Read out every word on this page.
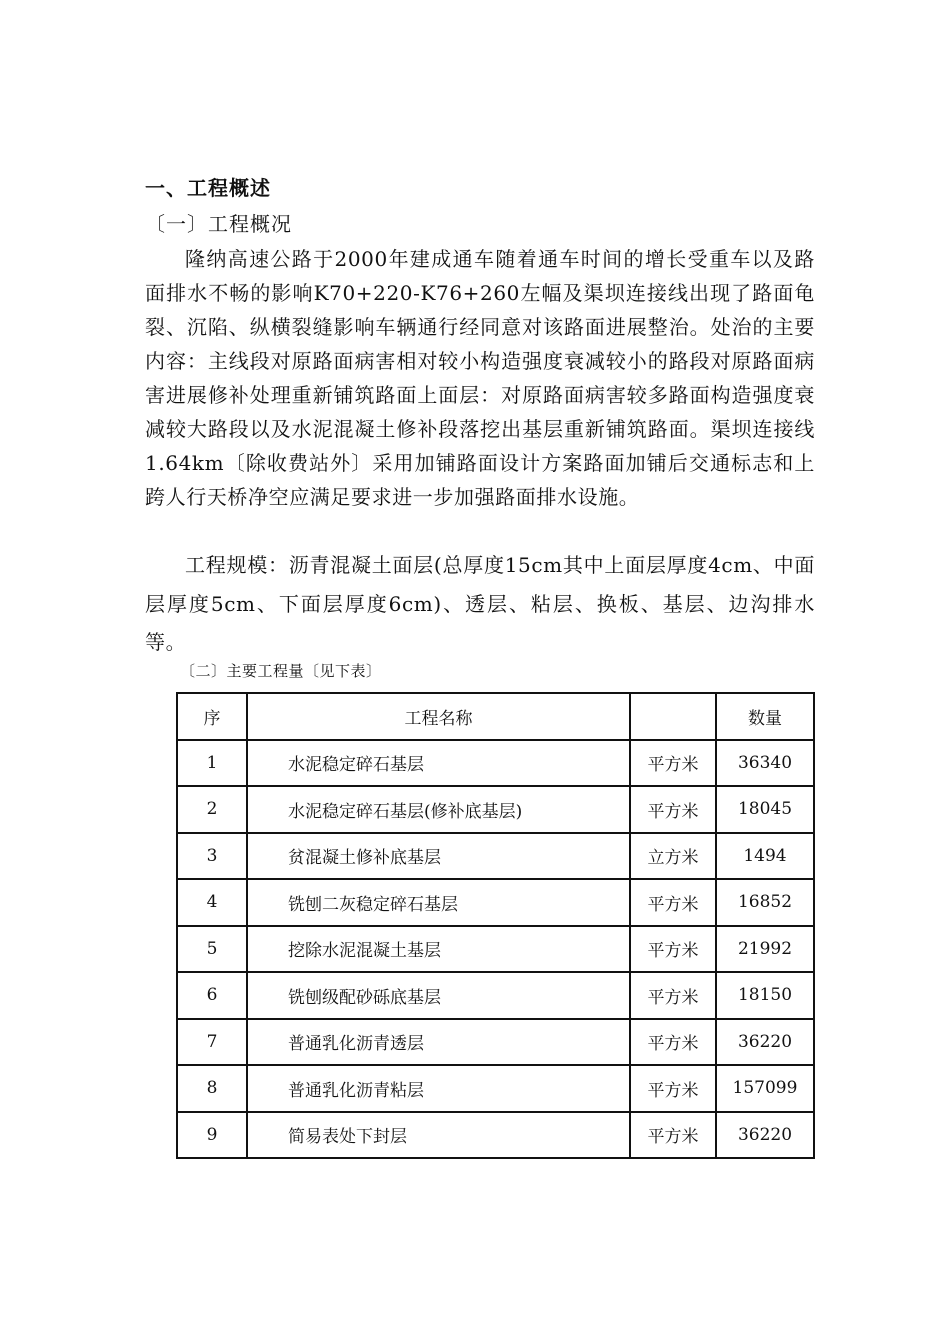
一、工程概述
〔一〕工程概况

隆纳高速公路于2000年建成通车随着通车时间的增长受重车以及路面排水不畅的影响K70+220-K76+260左幅及渠坝连接线出现了路面龟裂、沉陷、纵横裂缝影响车辆通行经同意对该路面进展整治。处治的主要内容：主线段对原路面病害相对较小构造强度衰减较小的路段对原路面病害进展修补处理重新铺筑路面上面层：对原路面病害较多路面构造强度衰减较大路段以及水泥混凝土修补段落挖出基层重新铺筑路面。渠坝连接线1.64km〔除收费站外〕采用加铺路面设计方案路面加铺后交通标志和上跨人行天桥净空应满足要求进一步加强路面排水设施。

工程规模：沥青混凝土面层(总厚度15cm其中上面层厚度4cm、中面层厚度5cm、下面层厚度6cm)、透层、粘层、换板、基层、边沟排水等。

〔二〕主要工程量〔见下表〕
序	工程名称		数量
1	水泥稳定碎石基层	平方米	36340
2	水泥稳定碎石基层(修补底基层)	平方米	18045
3	贫混凝土修补底基层	立方米	1494
4	铣刨二灰稳定碎石基层	平方米	16852
5	挖除水泥混凝土基层	平方米	21992
6	铣刨级配砂砾底基层	平方米	18150
7	普通乳化沥青透层	平方米	36220
8	普通乳化沥青粘层	平方米	157099
9	简易表处下封层	平方米	36220
